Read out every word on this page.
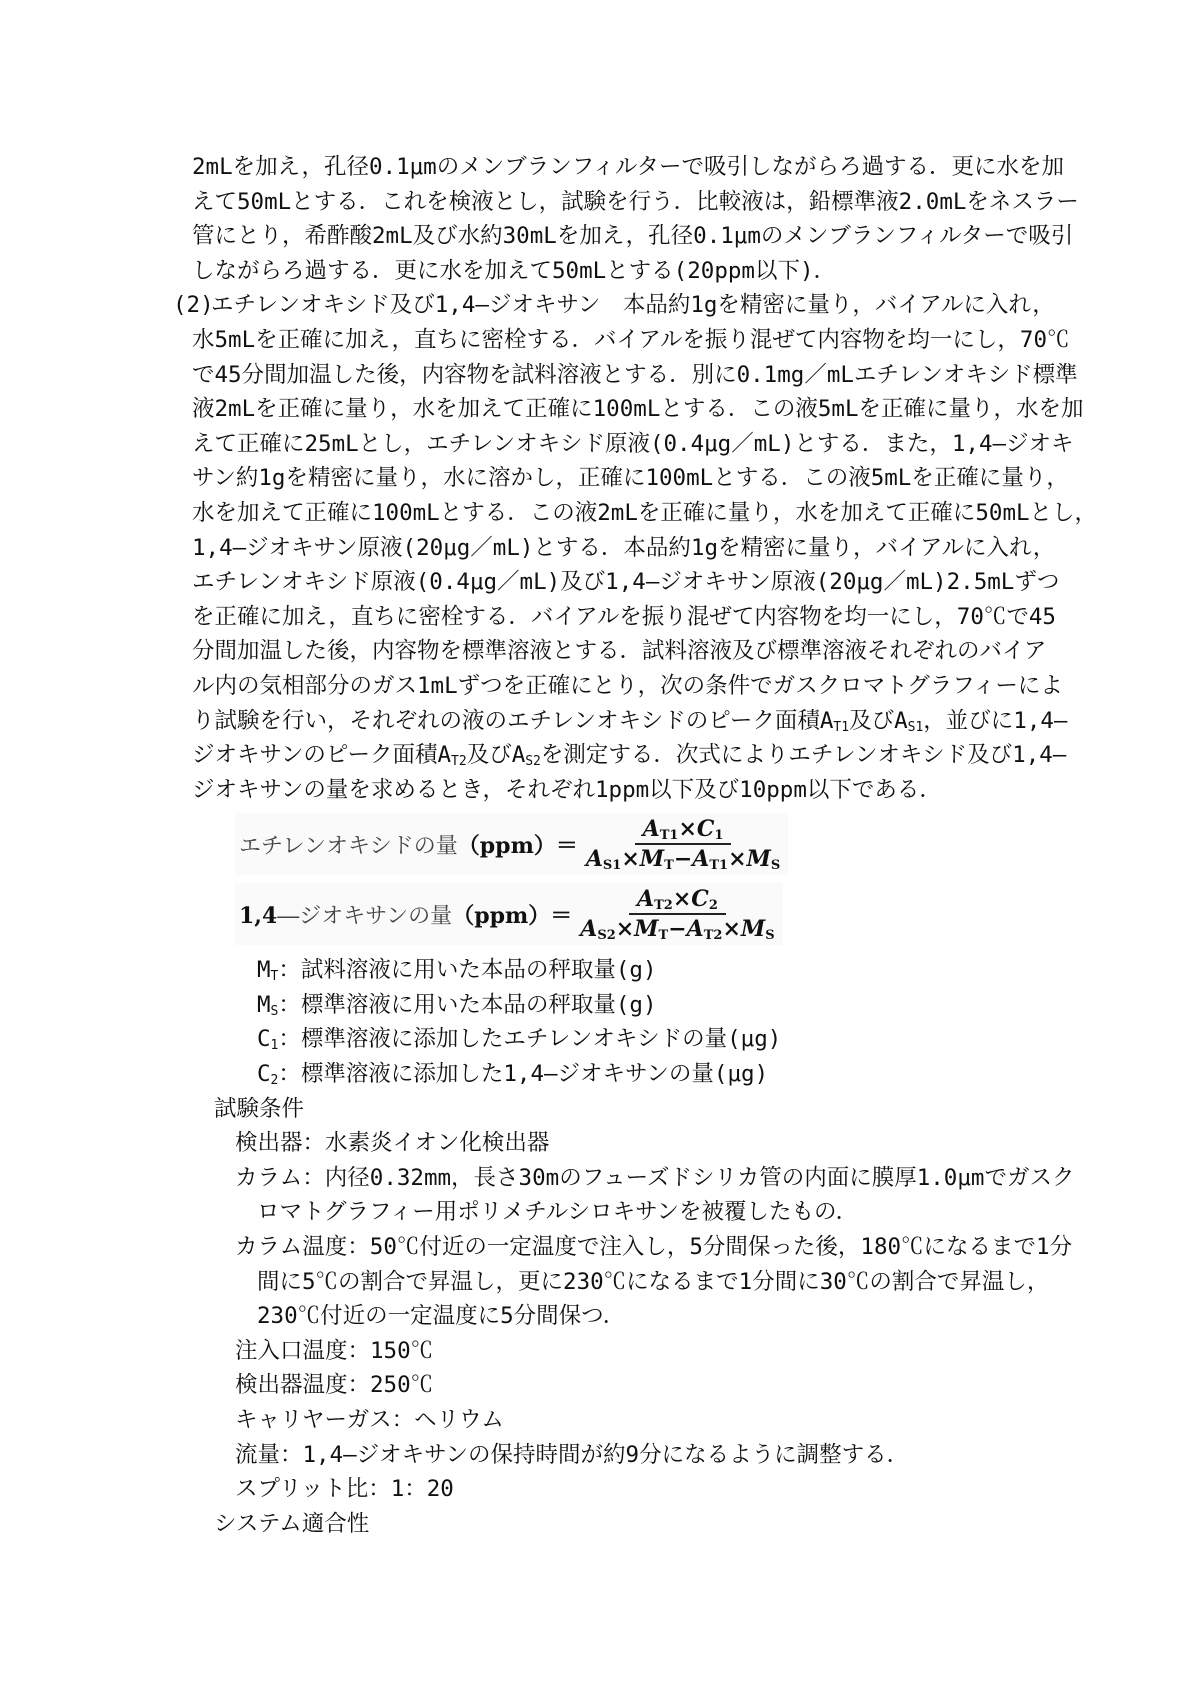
2mLを加え，孔径0.1μmのメンブランフィルターで吸引しながらろ過する．更に水を加
えて50mLとする．これを検液とし，試験を行う．比較液は，鉛標準液2.0mLをネスラー
管にとり，希酢酸2mL及び水約30mLを加え，孔径0.1μmのメンブランフィルターで吸引
しながらろ過する．更に水を加えて50mLとする(20ppm以下)．
(2)エチレンオキシド及び1,4―ジオキサン　本品約1gを精密に量り，バイアルに入れ，
水5mLを正確に加え，直ちに密栓する．バイアルを振り混ぜて内容物を均一にし，70℃
で45分間加温した後，内容物を試料溶液とする．別に0.1mg／mLエチレンオキシド標準
液2mLを正確に量り，水を加えて正確に100mLとする．この液5mLを正確に量り，水を加
えて正確に25mLとし，エチレンオキシド原液(0.4μg／mL)とする．また，1,4―ジオキ
サン約1gを精密に量り，水に溶かし，正確に100mLとする．この液5mLを正確に量り，
水を加えて正確に100mLとする．この液2mLを正確に量り，水を加えて正確に50mLとし，
1,4―ジオキサン原液(20μg／mL)とする．本品約1gを精密に量り，バイアルに入れ，
エチレンオキシド原液(0.4μg／mL)及び1,4―ジオキサン原液(20μg／mL)2.5mLずつ
を正確に加え，直ちに密栓する．バイアルを振り混ぜて内容物を均一にし，70℃で45
分間加温した後，内容物を標準溶液とする．試料溶液及び標準溶液それぞれのバイア
ル内の気相部分のガス1mLずつを正確にとり，次の条件でガスクロマトグラフィーによ
り試験を行い，それぞれの液のエチレンオキシドのピーク面積$A_{T1}$及び$A_{S1}$，並びに1,4―
ジオキサンのピーク面積$A_{T2}$及び$A_{S2}$を測定する．次式によりエチレンオキシド及び1,4―
ジオキサンの量を求めるとき，それぞれ1ppm以下及び10ppm以下である．
エチレンオキシドの量$(ppm)= \frac{A_{T1}\times C_1}{A_{S1}\times M_T-A_{T1}\times M_S}$
1,4―ジオキサンの量$(ppm)= \frac{A_{T2}\times C_2}{A_{S2}\times M_T-A_{T2}\times M_S}$
$M_T$：試料溶液に用いた本品の秤取量(g)
$M_S$：標準溶液に用いた本品の秤取量(g)
$C_1$：標準溶液に添加したエチレンオキシドの量(μg)
$C_2$：標準溶液に添加した1,4―ジオキサンの量(μg)
試験条件
検出器：水素炎イオン化検出器
カラム：内径0.32mm，長さ30mのフューズドシリカ管の内面に膜厚1.0μmでガスク
ロマトグラフィー用ポリメチルシロキサンを被覆したもの．
カラム温度：50℃付近の一定温度で注入し，5分間保った後，180℃になるまで1分
間に5℃の割合で昇温し，更に230℃になるまで1分間に30℃の割合で昇温し，
230℃付近の一定温度に5分間保つ．
注入口温度：150℃
検出器温度：250℃
キャリヤーガス：ヘリウム
流量：1,4―ジオキサンの保持時間が約9分になるように調整する．
スプリット比：1：20
システム適合性
